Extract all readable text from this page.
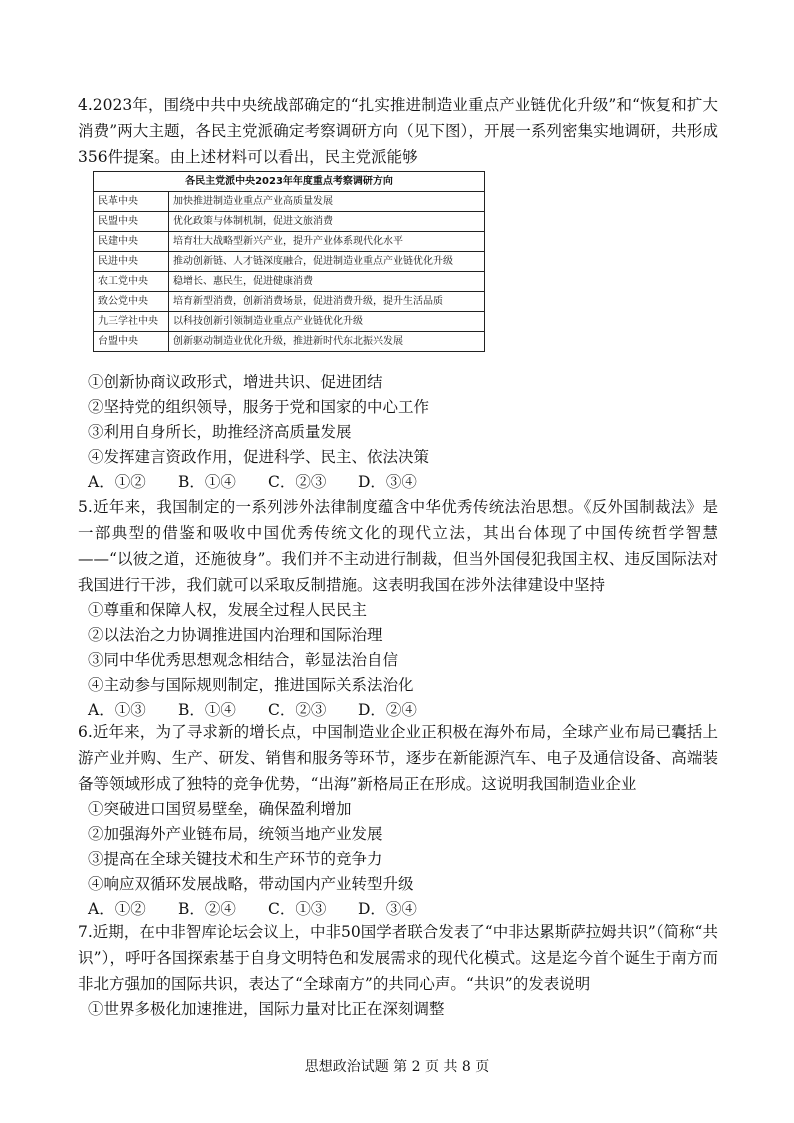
4.2023年，围绕中共中央统战部确定的“扎实推进制造业重点产业链优化升级”和“恢复和扩大消费”两大主题，各民主党派确定考察调研方向（见下图），开展一系列密集实地调研，共形成356件提案。由上述材料可以看出，民主党派能够

各民主党派中央2023年年度重点考察调研方向	
民革中央	加快推进制造业重点产业高质量发展
民盟中央	优化政策与体制机制，促进文旅消费
民建中央	培育壮大战略型新兴产业，提升产业体系现代化水平
民进中央	推动创新链、人才链深度融合，促进制造业重点产业链优化升级
农工党中央	稳增长、惠民生，促进健康消费
致公党中央	培育新型消费，创新消费场景，促进消费升级，提升生活品质
九三学社中央	以科技创新引领制造业重点产业链优化升级
台盟中央	创新驱动制造业优化升级，推进新时代东北振兴发展

①创新协商议政形式，增进共识、促进团结

②坚持党的组织领导，服务于党和国家的中心工作

③利用自身所长，助推经济高质量发展

④发挥建言资政作用，促进科学、民主、依法决策

A．①②	B．①④	C．②③	D．③④

5.近年来，我国制定的一系列涉外法律制度蕴含中华优秀传统法治思想。《反外国制裁法》是一部典型的借鉴和吸收中国优秀传统文化的现代立法，其出台体现了中国传统哲学智慧——“以彼之道，还施彼身”。我们并不主动进行制裁，但当外国侵犯我国主权、违反国际法对我国进行干涉，我们就可以采取反制措施。这表明我国在涉外法律建设中坚持

①尊重和保障人权，发展全过程人民民主

②以法治之力协调推进国内治理和国际治理

③同中华优秀思想观念相结合，彰显法治自信

④主动参与国际规则制定，推进国际关系法治化

A．①③	B．①④	C．②③	D．②④

6.近年来，为了寻求新的增长点，中国制造业企业正积极在海外布局，全球产业布局已囊括上游产业并购、生产、研发、销售和服务等环节，逐步在新能源汽车、电子及通信设备、高端装备等领域形成了独特的竞争优势，“出海”新格局正在形成。这说明我国制造业企业

①突破进口国贸易壁垒，确保盈利增加

②加强海外产业链布局，统领当地产业发展

③提高在全球关键技术和生产环节的竞争力

④响应双循环发展战略，带动国内产业转型升级

A．①②	B．②④	C．①③	D．③④

7.近期，在中非智库论坛会议上，中非50国学者联合发表了“中非达累斯萨拉姆共识”（简称“共识”），呼吁各国探索基于自身文明特色和发展需求的现代化模式。这是迄今首个诞生于南方而非北方强加的国际共识，表达了“全球南方”的共同心声。“共识”的发表说明

①世界多极化加速推进，国际力量对比正在深刻调整

思想政治试题 第 2 页 共 8 页
